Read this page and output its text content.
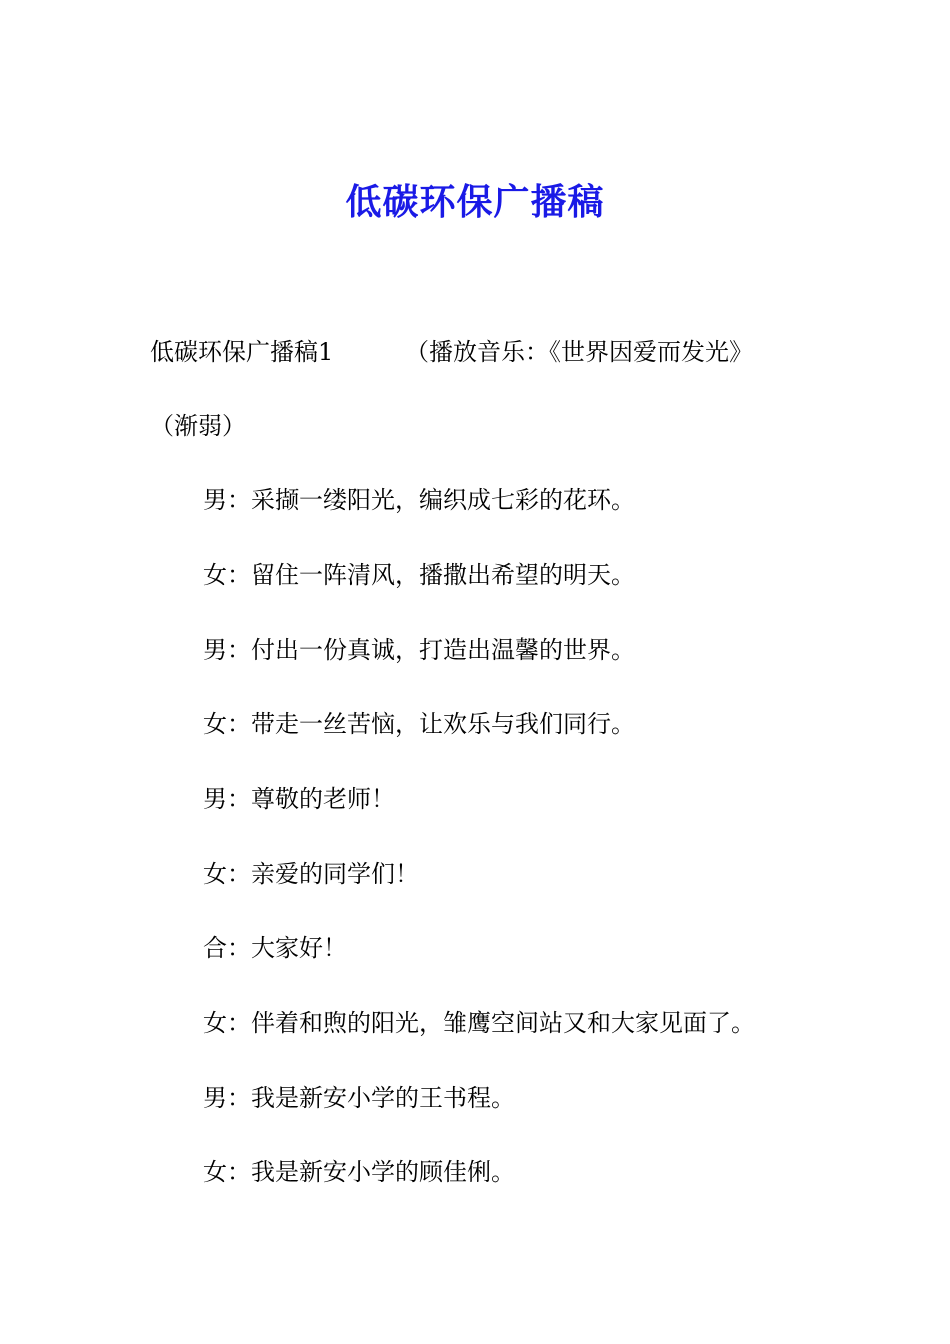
低碳环保广播稿
低碳环保广播稿1	（播放音乐：《世界因爱而发光》
（渐弱）
男：采撷一缕阳光，编织成七彩的花环。
女：留住一阵清风，播撒出希望的明天。
男：付出一份真诚，打造出温馨的世界。
女：带走一丝苦恼，让欢乐与我们同行。
男：尊敬的老师！
女：亲爱的同学们！
合：大家好！
女：伴着和煦的阳光，雏鹰空间站又和大家见面了。
男：我是新安小学的王书程。
女：我是新安小学的顾佳俐。
